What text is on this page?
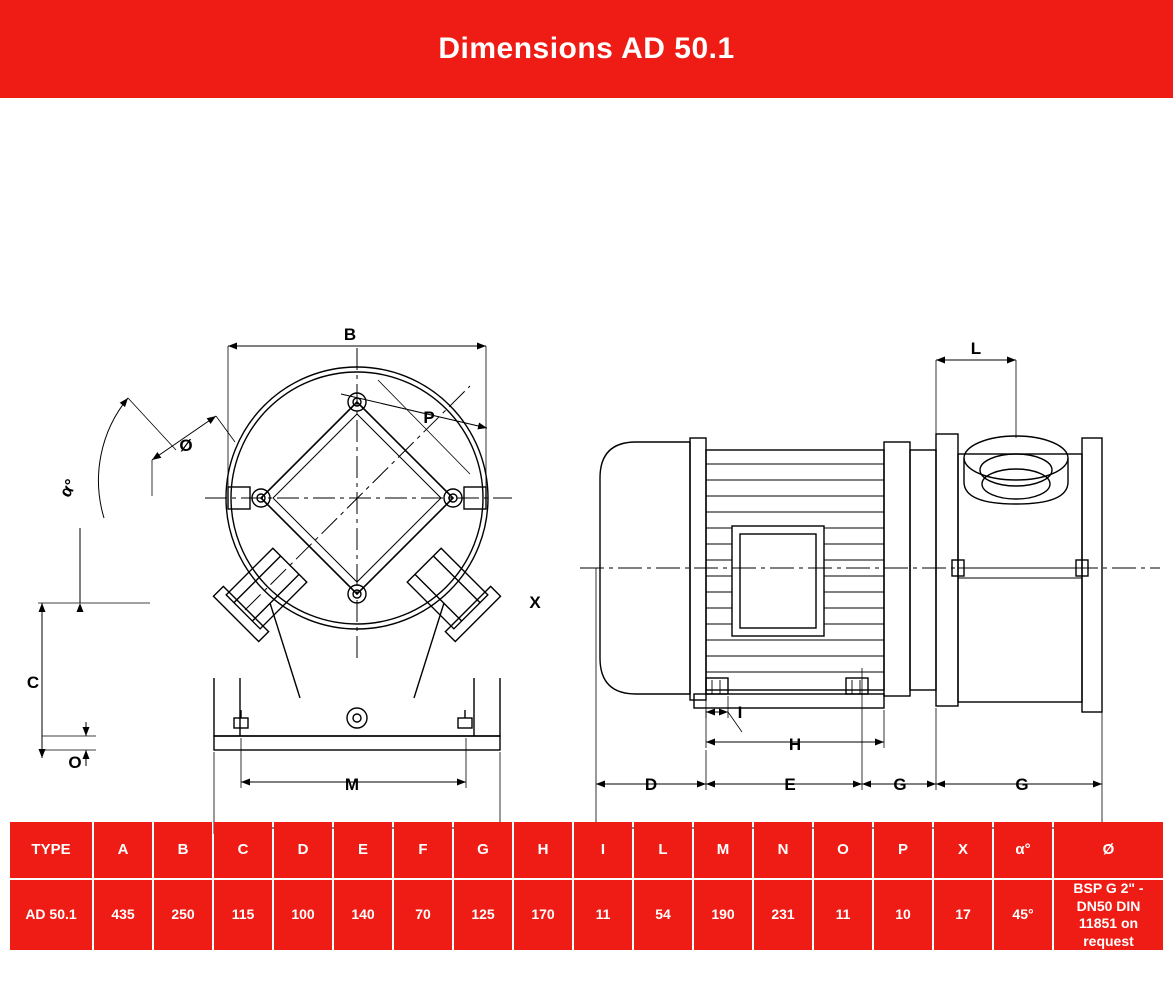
Dimensions AD 50.1
B
P
Ø
α°
X
C
O
M
L
I
H
D	E	G	G
TYPE	A	B	C	D	E	F	G	H	I	L	M	N	O	P	X	α°	Ø
AD 50.1	435	250	115	100	140	70	125	170	11	54	190	231	11	10	17	45°	BSP G 2" - DN50 DIN 11851 on request
